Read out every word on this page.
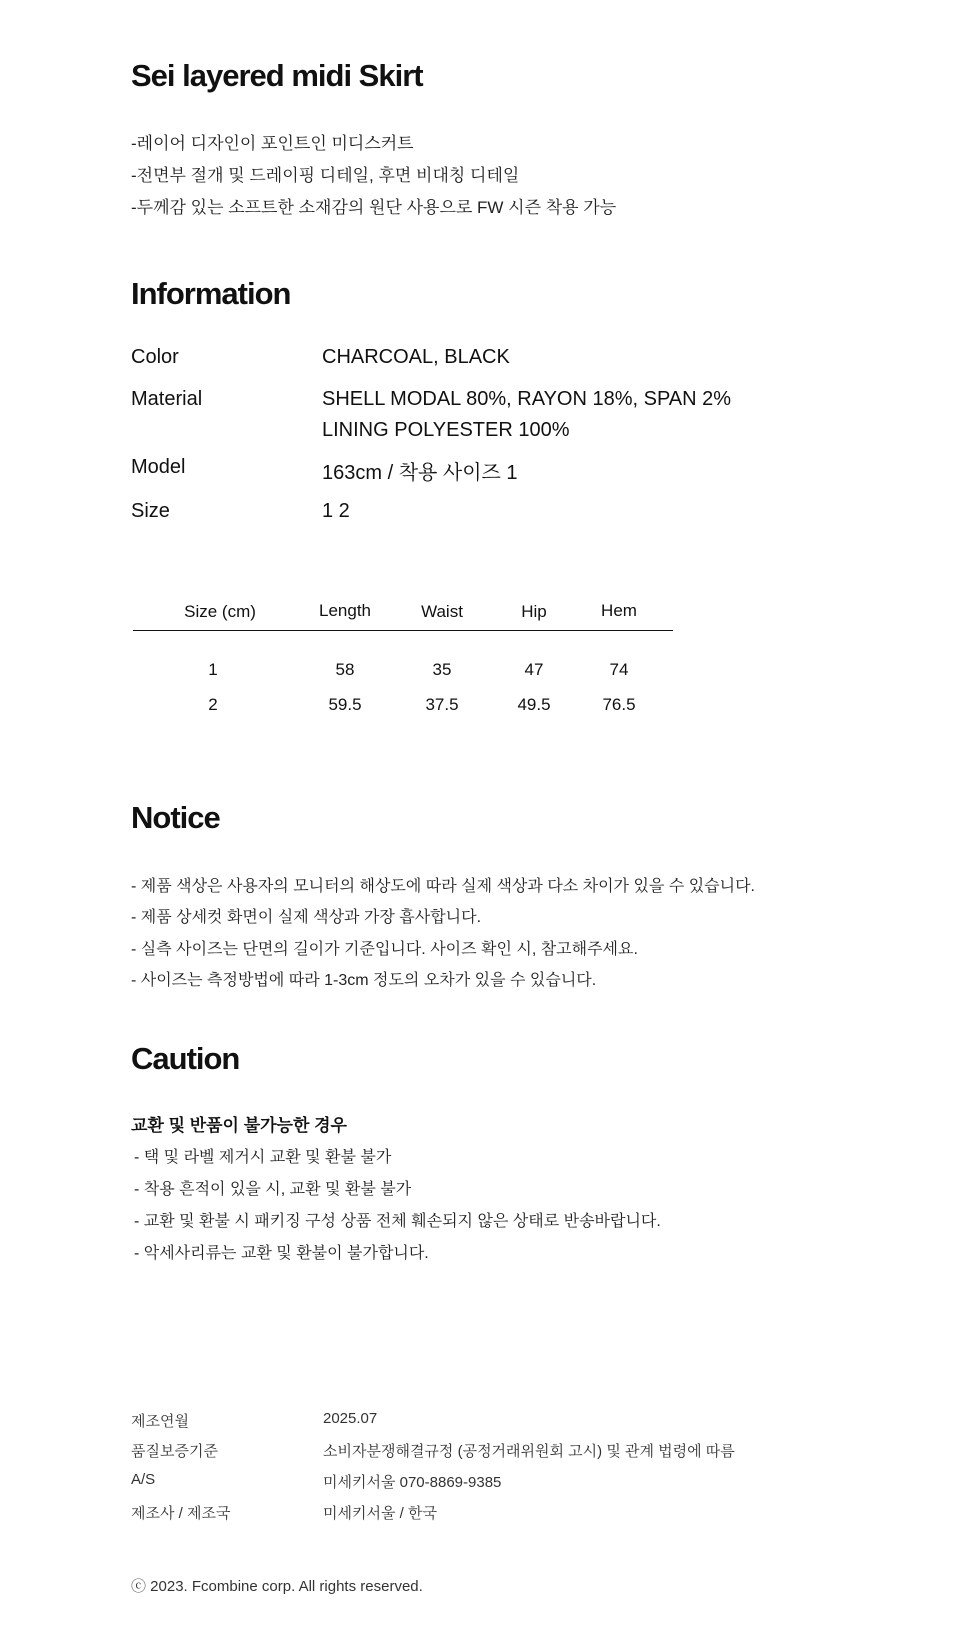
Sei layered midi Skirt
-레이어 디자인이 포인트인 미디스커트
-전면부 절개 및 드레이핑 디테일, 후면 비대칭 디테일
-두께감 있는 소프트한 소재감의 원단 사용으로 FW 시즌 착용 가능
Information
Color	CHARCOAL, BLACK
Material	SHELL MODAL 80%, RAYON 18%, SPAN 2%
LINING POLYESTER 100%
Model	163cm / 착용 사이즈 1
Size	1 2
Size (cm)	Length	Waist	Hip	Hem
1	58	35	47	74
2	59.5	37.5	49.5	76.5
Notice
- 제품 색상은 사용자의 모니터의 해상도에 따라 실제 색상과 다소 차이가 있을 수 있습니다.
- 제품 상세컷 화면이 실제 색상과 가장 흡사합니다.
- 실측 사이즈는 단면의 길이가 기준입니다. 사이즈 확인 시, 참고해주세요.
- 사이즈는 측정방법에 따라 1-3cm 정도의 오차가 있을 수 있습니다.
Caution
교환 및 반품이 불가능한 경우
- 택 및 라벨 제거시 교환 및 환불 불가
- 착용 흔적이 있을 시, 교환 및 환불 불가
- 교환 및 환불 시 패키징 구성 상품 전체 훼손되지 않은 상태로 반송바랍니다.
- 악세사리류는 교환 및 환불이 불가합니다.
제조연월	2025.07
품질보증기준	소비자분쟁해결규정 (공정거래위원회 고시) 및 관계 법령에 따름
A/S	미세키서울 070-8869-9385
제조사 / 제조국	미세키서울 / 한국
ⓒ 2023. Fcombine corp. All rights reserved.
